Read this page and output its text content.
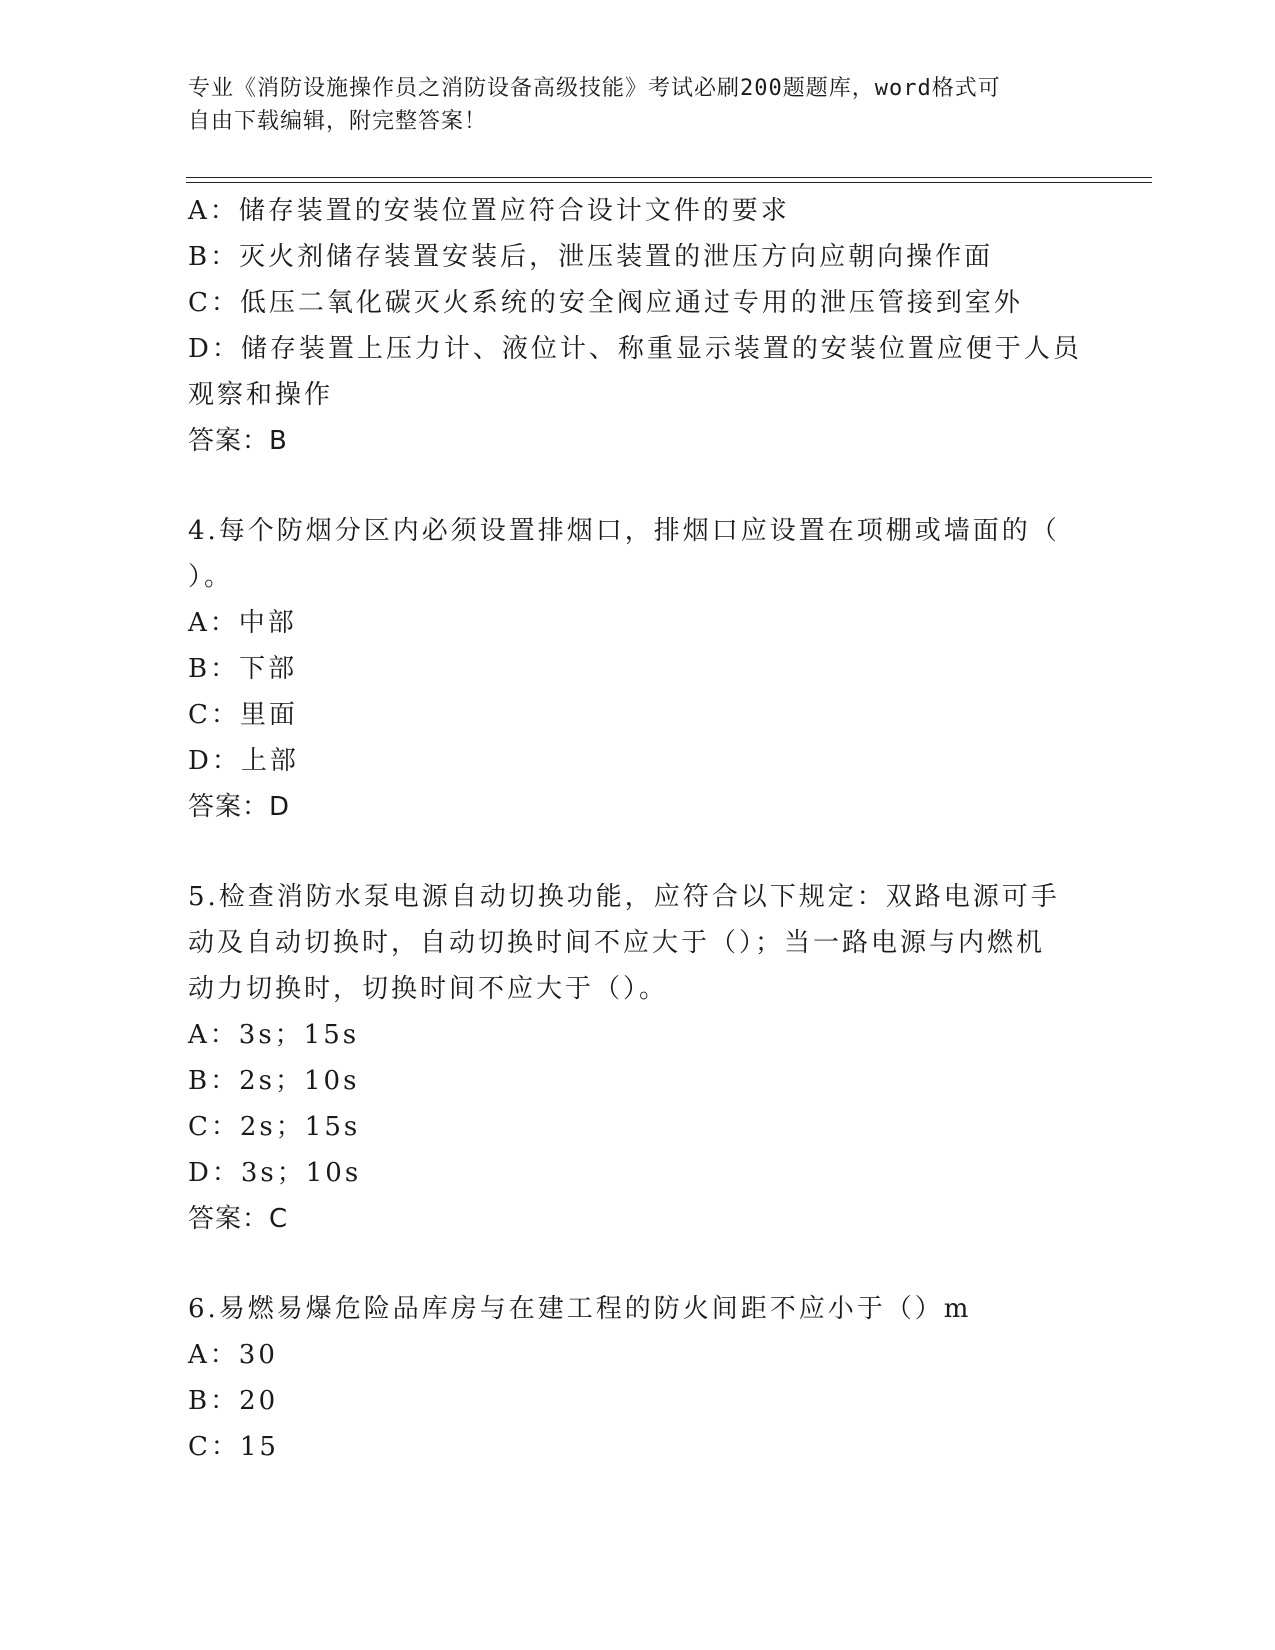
专业《消防设施操作员之消防设备高级技能》考试必刷200题题库，word格式可
自由下载编辑，附完整答案！
A：储存装置的安装位置应符合设计文件的要求
B：灭火剂储存装置安装后，泄压装置的泄压方向应朝向操作面
C：低压二氧化碳灭火系统的安全阀应通过专用的泄压管接到室外
D：储存装置上压力计、液位计、称重显示装置的安装位置应便于人员
观察和操作
答案：B
4.每个防烟分区内必须设置排烟口，排烟口应设置在项棚或墙面的（
）。
A：中部
B：下部
C：里面
D：上部
答案：D
5.检查消防水泵电源自动切换功能，应符合以下规定：双路电源可手
动及自动切换时，自动切换时间不应大于（）；当一路电源与内燃机
动力切换时，切换时间不应大于（）。
A：3s；15s
B：2s；10s
C：2s；15s
D：3s；10s
答案：C
6.易燃易爆危险品库房与在建工程的防火间距不应小于（）m
A：30
B：20
C：15
